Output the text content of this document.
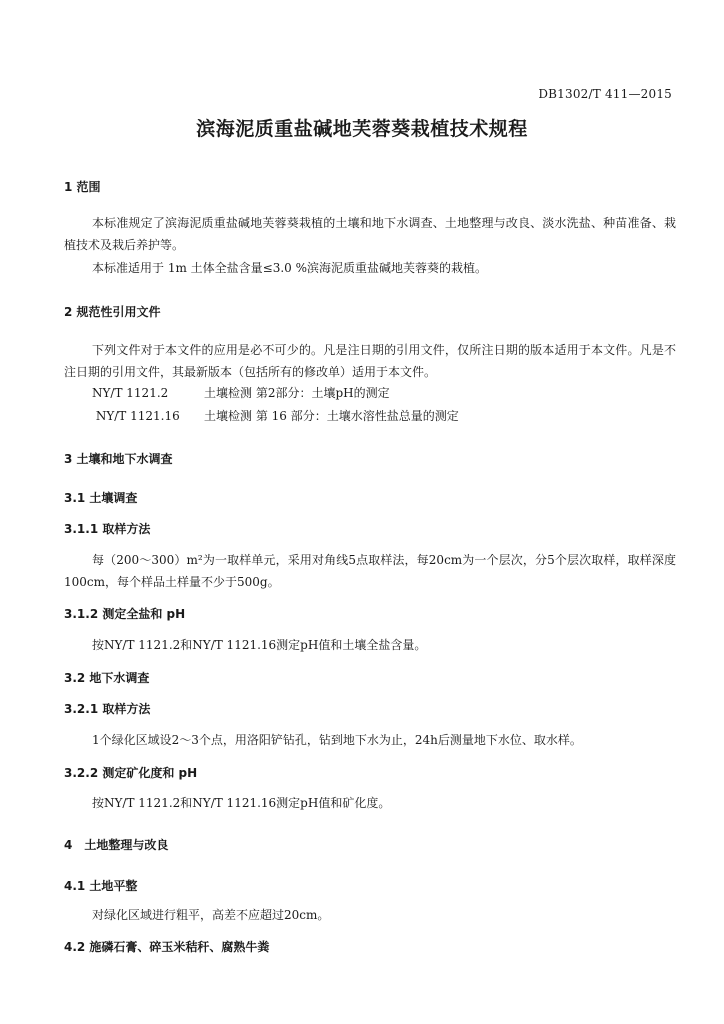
DB1302/T 411—2015
滨海泥质重盐碱地芙蓉葵栽植技术规程
1 范围
本标准规定了滨海泥质重盐碱地芙蓉葵栽植的土壤和地下水调查、土地整理与改良、淡水洗盐、种苗准备、栽植技术及栽后养护等。
本标准适用于 1m 土体全盐含量≤3.0 %滨海泥质重盐碱地芙蓉葵的栽植。
2 规范性引用文件
下列文件对于本文件的应用是必不可少的。凡是注日期的引用文件，仅所注日期的版本适用于本文件。凡是不注日期的引用文件，其最新版本（包括所有的修改单）适用于本文件。
NY/T 1121.2	土壤检测 第2部分：土壤pH的测定
NY/T 1121.16 土壤检测 第 16 部分：土壤水溶性盐总量的测定
3 土壤和地下水调查
3.1 土壤调查
3.1.1 取样方法
每（200～300）m²为一取样单元，采用对角线5点取样法，每20cm为一个层次，分5个层次取样，取样深度100cm，每个样品土样量不少于500g。
3.1.2 测定全盐和 pH
按NY/T 1121.2和NY/T 1121.16测定pH值和土壤全盐含量。
3.2 地下水调查
3.2.1 取样方法
1个绿化区域设2～3个点，用洛阳铲钻孔，钻到地下水为止，24h后测量地下水位、取水样。
3.2.2 测定矿化度和 pH
按NY/T 1121.2和NY/T 1121.16测定pH值和矿化度。
4　土地整理与改良
4.1 土地平整
对绿化区域进行粗平，高差不应超过20cm。
4.2 施磷石膏、碎玉米秸秆、腐熟牛粪
